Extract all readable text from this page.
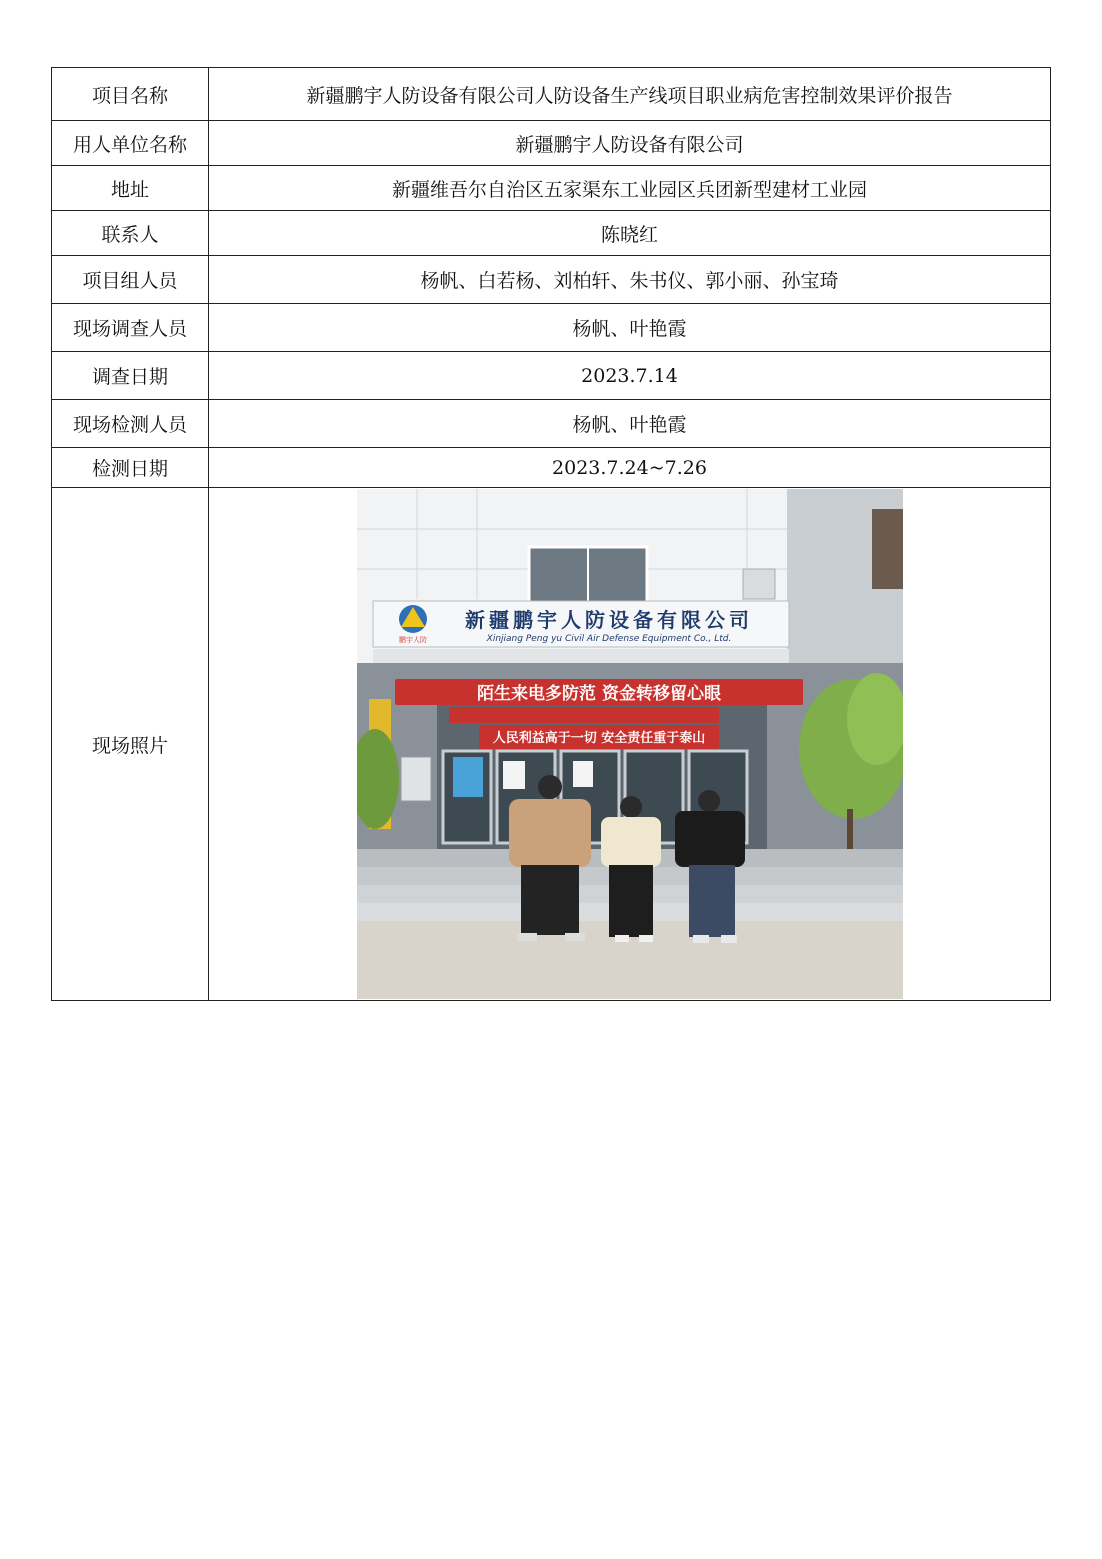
项目名称	新疆鹏宇人防设备有限公司人防设备生产线项目职业病危害控制效果评价报告
用人单位名称	新疆鹏宇人防设备有限公司
地址	新疆维吾尔自治区五家渠东工业园区兵团新型建材工业园
联系人	陈晓红
项目组人员	杨帆、白若杨、刘柏轩、朱书仪、郭小丽、孙宝琦
现场调查人员	杨帆、叶艳霞
调查日期	2023.7.14
现场检测人员	杨帆、叶艳霞
检测日期	2023.7.24~7.26
现场照片	鹏宇人防
新疆鹏宇人防设备有限公司
Xinjiang Peng yu Civil Air Defense Equipment Co., Ltd.
陌生来电多防范 资金转移留心眼
人民利益高于一切 安全责任重于泰山
